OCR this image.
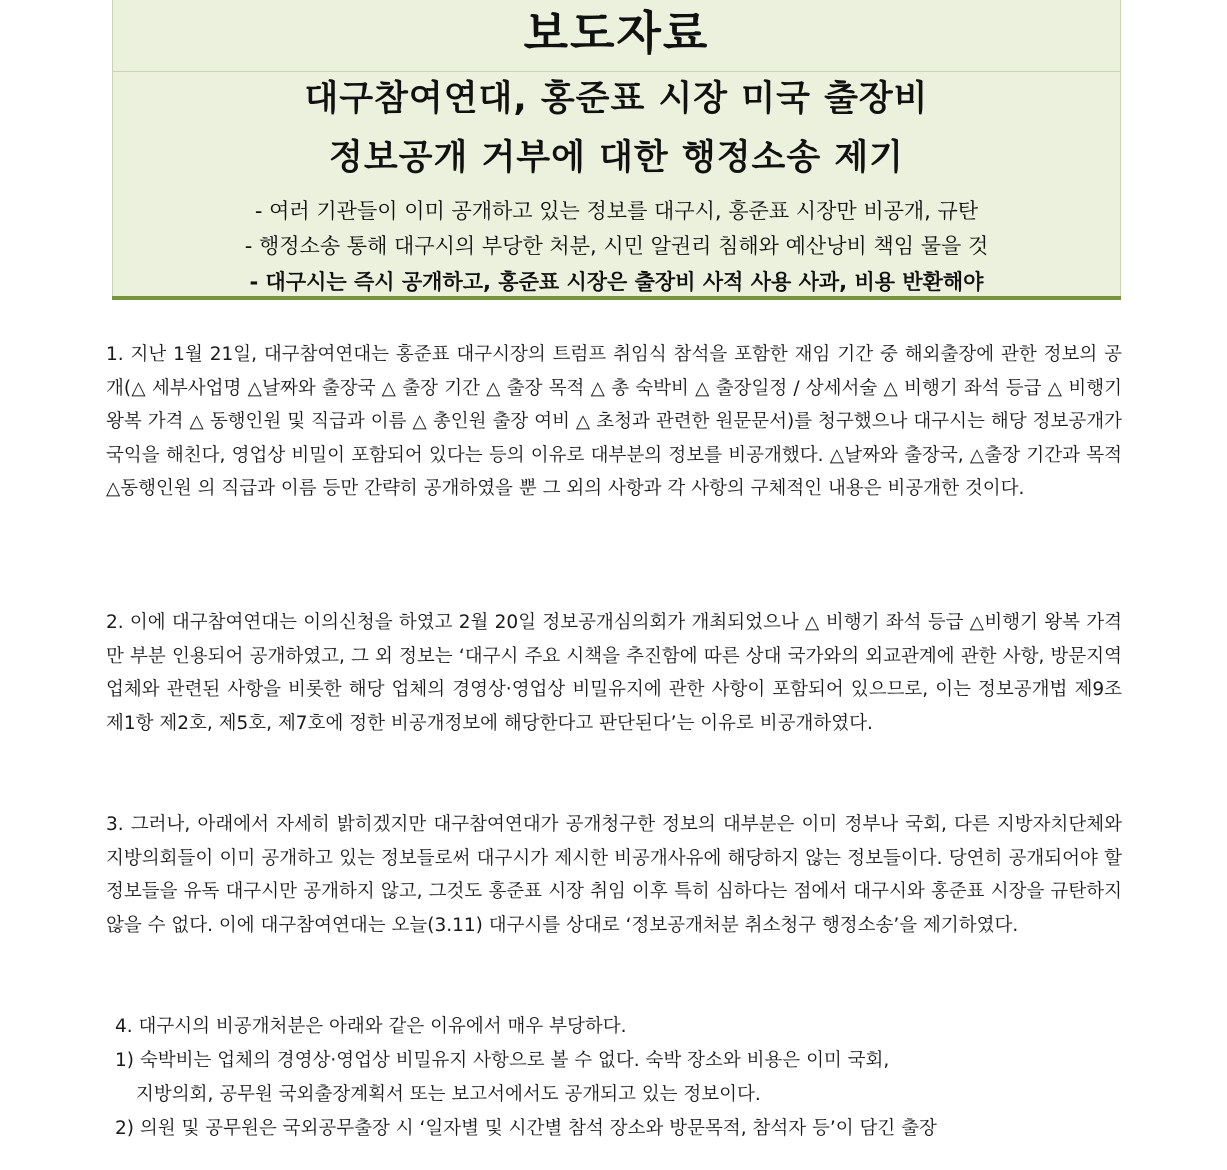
보도자료
대구참여연대, 홍준표 시장 미국 출장비
정보공개 거부에 대한 행정소송 제기
- 여러 기관들이 이미 공개하고 있는 정보를 대구시, 홍준표 시장만 비공개, 규탄
- 행정소송 통해 대구시의 부당한 처분, 시민 알권리 침해와 예산낭비 책임 물을 것
- 대구시는 즉시 공개하고, 홍준표 시장은 출장비 사적 사용 사과, 비용 반환해야

1. 지난 1월 21일, 대구참여연대는 홍준표 대구시장의 트럼프 취임식 참석을 포함한 재임 기간 중 해외출장에 관한 정보의 공개(△ 세부사업명 △날짜와 출장국 △ 출장 기간 △ 출장 목적 △ 총 숙박비 △ 출장일정 / 상세서술 △ 비행기 좌석 등급 △ 비행기 왕복 가격 △ 동행인원 및 직급과 이름 △ 총인원 출장 여비 △ 초청과 관련한 원문문서)를 청구했으나 대구시는 해당 정보공개가 국익을 해친다, 영업상 비밀이 포함되어 있다는 등의 이유로 대부분의 정보를 비공개했다. △날짜와 출장국, △출장 기간과 목적 △동행인원 의 직급과 이름 등만 간략히 공개하였을 뿐 그 외의 사항과 각 사항의 구체적인 내용은 비공개한 것이다.

2. 이에 대구참여연대는 이의신청을 하였고 2월 20일 정보공개심의회가 개최되었으나 △ 비행기 좌석 등급 △비행기 왕복 가격만 부분 인용되어 공개하였고, 그 외 정보는 ‘대구시 주요 시책을 추진함에 따른 상대 국가와의 외교관계에 관한 사항, 방문지역 업체와 관련된 사항을 비롯한 해당 업체의 경영상·영업상 비밀유지에 관한 사항이 포함되어 있으므로, 이는 정보공개법 제9조 제1항 제2호, 제5호, 제7호에 정한 비공개정보에 해당한다고 판단된다’는 이유로 비공개하였다.

3. 그러나, 아래에서 자세히 밝히겠지만 대구참여연대가 공개청구한 정보의 대부분은 이미 정부나 국회, 다른 지방자치단체와 지방의회들이 이미 공개하고 있는 정보들로써 대구시가 제시한 비공개사유에 해당하지 않는 정보들이다. 당연히 공개되어야 할 정보들을 유독 대구시만 공개하지 않고, 그것도 홍준표 시장 취임 이후 특히 심하다는 점에서 대구시와 홍준표 시장을 규탄하지 않을 수 없다. 이에 대구참여연대는 오늘(3.11) 대구시를 상대로 ‘정보공개처분 취소청구 행정소송’을 제기하였다.

4. 대구시의 비공개처분은 아래와 같은 이유에서 매우 부당하다.

1) 숙박비는 업체의 경영상·영업상 비밀유지 사항으로 볼 수 없다. 숙박 장소와 비용은 이미 국회,

지방의회, 공무원 국외출장계획서 또는 보고서에서도 공개되고 있는 정보이다.

2) 의원 및 공무원은 국외공무출장 시 ‘일자별 및 시간별 참석 장소와 방문목적, 참석자 등’이 담긴 출장
